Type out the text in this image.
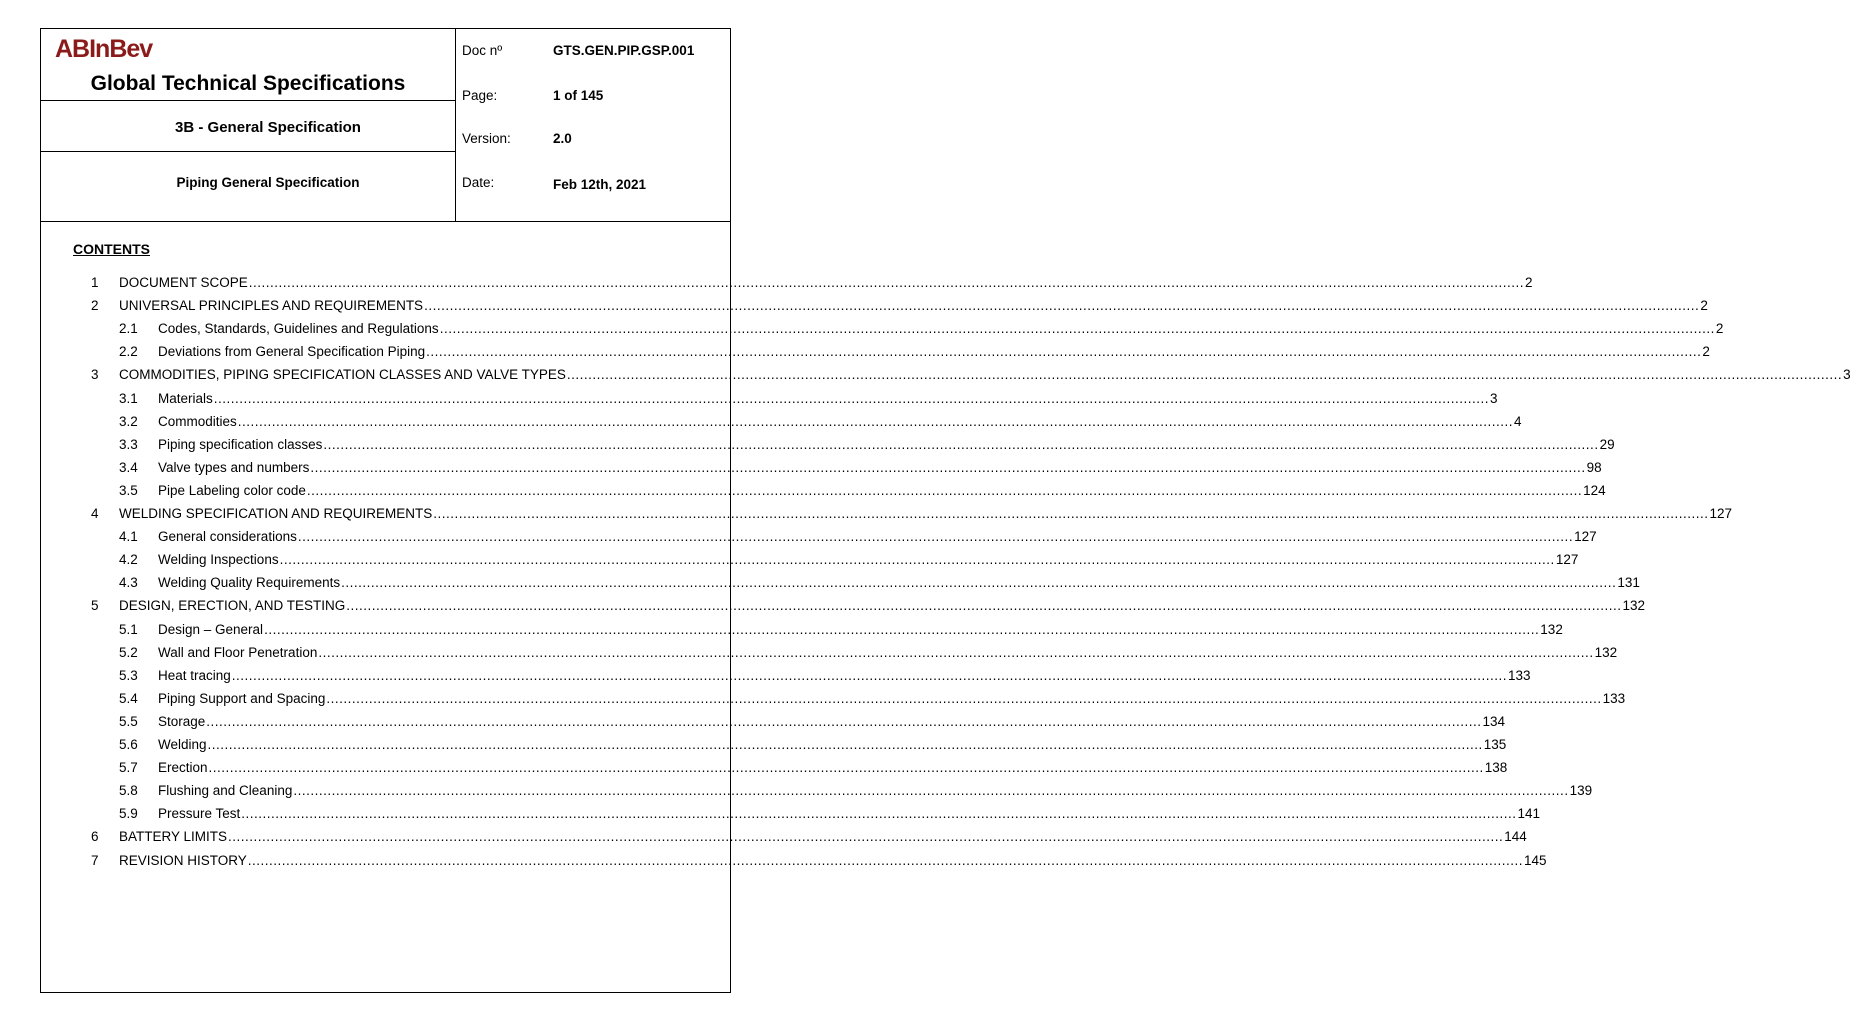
ABInBev
Global Technical Specifications
3B - General Specification
Piping General Specification
Doc nº	GTS.GEN.PIP.GSP.001
Page:	1 of 145
Version:	2.0
Date:	Feb 12th, 2021
CONTENTS
1	DOCUMENT SCOPE ............................................................................................................................................................................................................................................................................................................ 2
2	UNIVERSAL PRINCIPLES AND REQUIREMENTS ............................................................................................................................................................................................................................................................................................................ 2
2.1	Codes, Standards, Guidelines and Regulations ............................................................................................................................................................................................................................................................................................................ 2
2.2	Deviations from General Specification Piping ............................................................................................................................................................................................................................................................................................................ 2
3	COMMODITIES, PIPING SPECIFICATION CLASSES AND VALVE TYPES ............................................................................................................................................................................................................................................................................................................ 3
3.1	Materials ............................................................................................................................................................................................................................................................................................................ 3
3.2	Commodities ............................................................................................................................................................................................................................................................................................................ 4
3.3	Piping specification classes ............................................................................................................................................................................................................................................................................................................ 29
3.4	Valve types and numbers ............................................................................................................................................................................................................................................................................................................ 98
3.5	Pipe Labeling color code ............................................................................................................................................................................................................................................................................................................ 124
4	WELDING SPECIFICATION AND REQUIREMENTS ............................................................................................................................................................................................................................................................................................................ 127
4.1	General considerations ............................................................................................................................................................................................................................................................................................................ 127
4.2	Welding Inspections ............................................................................................................................................................................................................................................................................................................ 127
4.3	Welding Quality Requirements ............................................................................................................................................................................................................................................................................................................ 131
5	DESIGN, ERECTION, AND TESTING ............................................................................................................................................................................................................................................................................................................ 132
5.1	Design – General ............................................................................................................................................................................................................................................................................................................ 132
5.2	Wall and Floor Penetration ............................................................................................................................................................................................................................................................................................................ 132
5.3	Heat tracing ............................................................................................................................................................................................................................................................................................................ 133
5.4	Piping Support and Spacing ............................................................................................................................................................................................................................................................................................................ 133
5.5	Storage ............................................................................................................................................................................................................................................................................................................ 134
5.6	Welding ............................................................................................................................................................................................................................................................................................................ 135
5.7	Erection ............................................................................................................................................................................................................................................................................................................ 138
5.8	Flushing and Cleaning ............................................................................................................................................................................................................................................................................................................ 139
5.9	Pressure Test ............................................................................................................................................................................................................................................................................................................ 141
6	BATTERY LIMITS ............................................................................................................................................................................................................................................................................................................ 144
7	REVISION HISTORY ............................................................................................................................................................................................................................................................................................................ 145
